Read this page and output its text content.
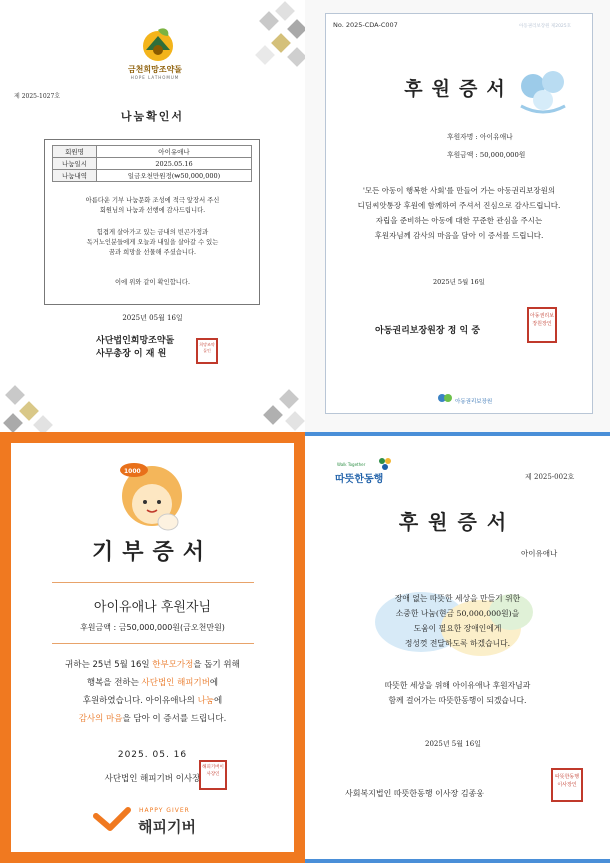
금천희망조약돌
HOPE LATHOMUM
제 2025-1027호
나눔확인서
회원명	아이유애나
나눔일시	2025.05.16
나눔내역	일금오천만원정(₩50,000,000)
아름다운 기부 나눔문화 조성에 적극 앞장서 주신
회원님의 나눔과 선행에 감사드립니다.
힘겹게 살아가고 있는 금내의 빈곤가정과
독거노인분들에게 오늘과 내일을 살아갈 수 있는
꿈과 희망을 선물해 주셨습니다.
이에 위와 같이 확인합니다.
2025년 05월 16일
사단법인희망조약돌
사무총장 이 재 원
희망조약돌인
No. 2025-CDA-C007	아동권리보장원 제2025호
후원증서
후원자명 : 아이유애나
후원금액 : 50,000,000원
'모든 아동이 행복한 사회'를 만들어 가는 아동권리보장원의
디딤씨앗통장 후원에 함께하여 주셔서 진심으로 감사드립니다.
자립을 준비하는 아동에 대한 꾸준한 관심을 주시는
후원자님께 감사의 마음을 담아 이 증서를 드립니다.
2025년 5월 16일
아동권리보장원장 정 익 중
아동권리보장원장인
아동권리보장원
1000
기부증서
아이유애나 후원자님
후원금액 : 금50,000,000원(금오천만원)
귀하는 25년 5월 16일 한부모가정을 돕기 위해
행복을 전하는 사단법인 해피기버에
후원하였습니다. 아이유애나의 나눔에
감사의 마음을 담아 이 증서를 드립니다.
2025. 05. 16
사단법인 해피기버 이사장
해피기버이사장인
HAPPY GIVER
해피기버
Walk Together
따뜻한동행	제 2025-002호
후원증서
아이유애나
장애 없는 따뜻한 세상을 만들기 위한
소중한 나눔(현금 50,000,000원)을
도움이 필요한 장애인에게
정성껏 전달하도록 하겠습니다.
따뜻한 세상을 위해 아이유애나 후원자님과
함께 걸어가는 따뜻한동행이 되겠습니다.
2025년 5월 16일
사회복지법인 따뜻한동행 이사장 김종웅
따뜻한동행이사장인
